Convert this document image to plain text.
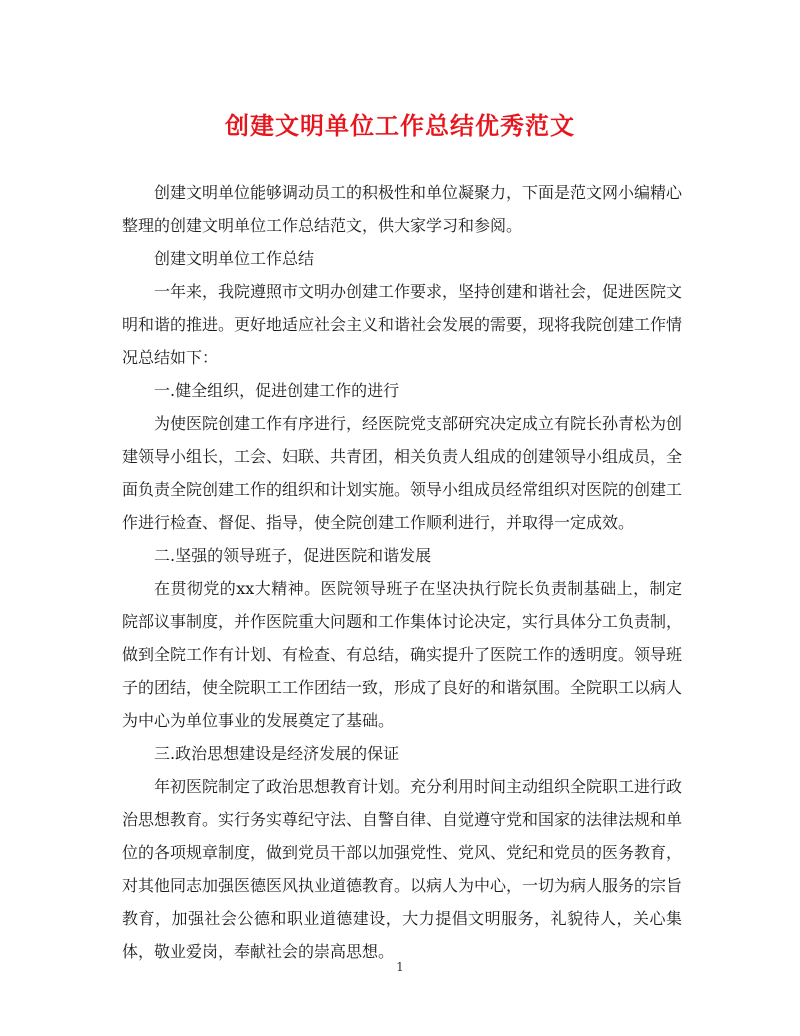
创建文明单位工作总结优秀范文

创建文明单位能够调动员工的积极性和单位凝聚力，下面是范文网小编精心整理的创建文明单位工作总结范文，供大家学习和参阅。

创建文明单位工作总结

一年来，我院遵照市文明办创建工作要求，坚持创建和谐社会，促进医院文明和谐的推进。更好地适应社会主义和谐社会发展的需要，现将我院创建工作情况总结如下：

一.健全组织，促进创建工作的进行

为使医院创建工作有序进行，经医院党支部研究决定成立有院长孙青松为创建领导小组长，工会、妇联、共青团，相关负责人组成的创建领导小组成员，全面负责全院创建工作的组织和计划实施。领导小组成员经常组织对医院的创建工作进行检查、督促、指导，使全院创建工作顺利进行，并取得一定成效。

二.坚强的领导班子，促进医院和谐发展

在贯彻党的xx大精神。医院领导班子在坚决执行院长负责制基础上，制定院部议事制度，并作医院重大问题和工作集体讨论决定，实行具体分工负责制，做到全院工作有计划、有检查、有总结，确实提升了医院工作的透明度。领导班子的团结，使全院职工工作团结一致，形成了良好的和谐氛围。全院职工以病人为中心为单位事业的发展奠定了基础。

三.政治思想建设是经济发展的保证

年初医院制定了政治思想教育计划。充分利用时间主动组织全院职工进行政治思想教育。实行务实尊纪守法、自警自律、自觉遵守党和国家的法律法规和单位的各项规章制度，做到党员干部以加强党性、党风、党纪和党员的医务教育，对其他同志加强医德医风执业道德教育。以病人为中心，一切为病人服务的宗旨教育，加强社会公德和职业道德建设，大力提倡文明服务，礼貌待人，关心集体，敬业爱岗，奉献社会的崇高思想。

1
